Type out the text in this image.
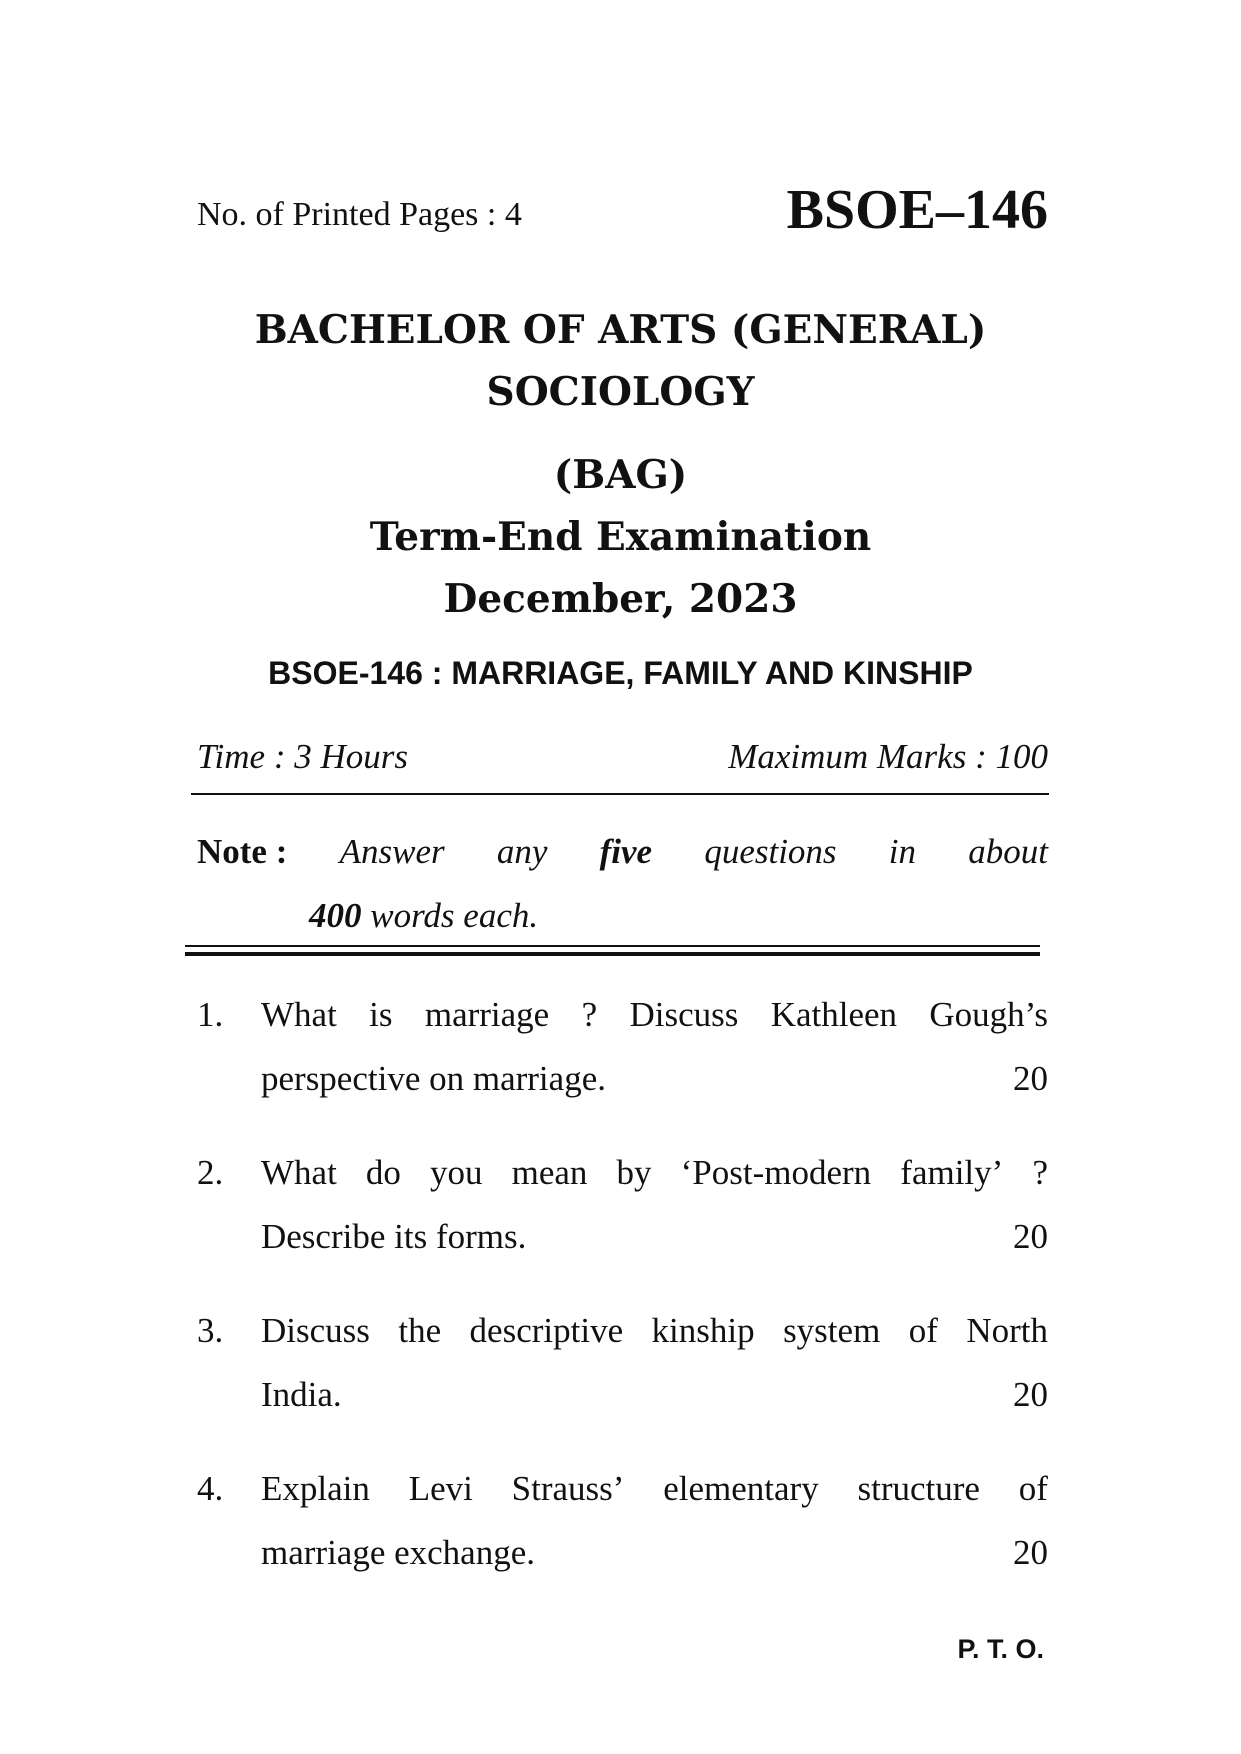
No. of Printed Pages : 4	BSOE–146
BACHELOR OF ARTS (GENERAL)
SOCIOLOGY
(BAG)
Term-End Examination
December, 2023
BSOE-146 : MARRIAGE, FAMILY AND KINSHIP
Time : 3 Hours	Maximum Marks : 100
Note : Answer any five questions in about
400 words each.
1. What is marriage ? Discuss Kathleen Gough’s
perspective on marriage.	20
2. What do you mean by ‘Post-modern family’ ?
Describe its forms.	20
3. Discuss the descriptive kinship system of North
India.	20
4. Explain Levi Strauss’ elementary structure of
marriage exchange.	20
P. T. O.
